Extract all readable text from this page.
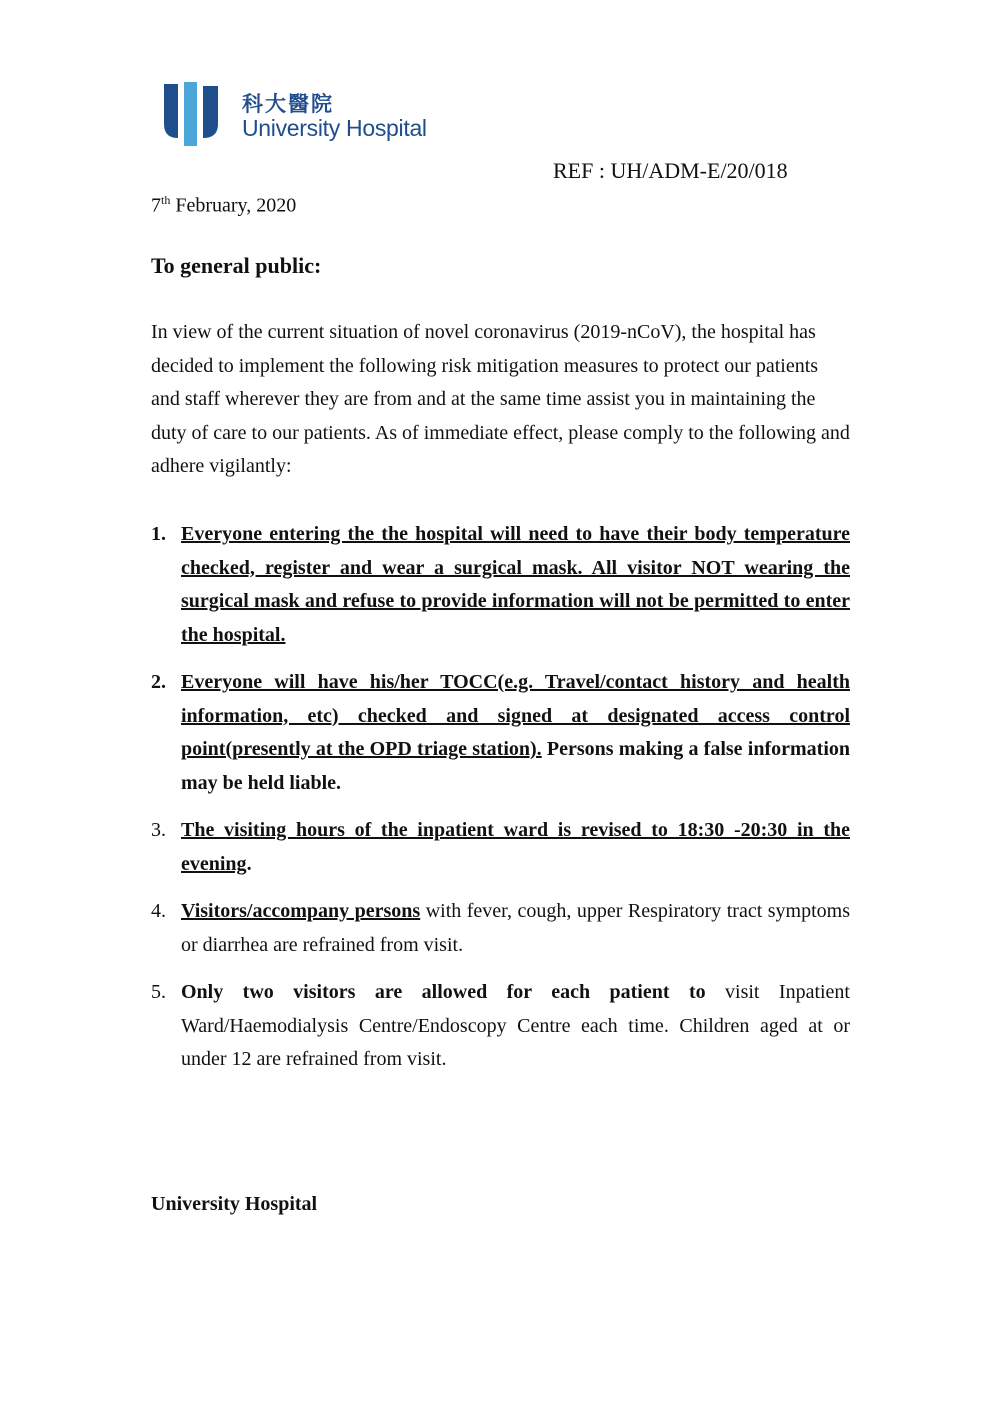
科大醫院
University Hospital
REF : UH/ADM-E/20/018
7th February, 2020
To general public:
In view of the current situation of novel coronavirus (2019-nCoV), the hospital has decided to implement the following risk mitigation measures to protect our patients and staff wherever they are from and at the same time assist you in maintaining the duty of care to our patients. As of immediate effect, please comply to the following and adhere vigilantly:
1. Everyone entering the the hospital will need to have their body temperature checked, register and wear a surgical mask. All visitor NOT wearing the surgical mask and refuse to provide information will not be permitted to enter the hospital.
2. Everyone will have his/her TOCC(e.g. Travel/contact history and health information, etc) checked and signed at designated access control point(presently at the OPD triage station). Persons making a false information may be held liable.
3. The visiting hours of the inpatient ward is revised to 18:30 -20:30 in the evening.
4. Visitors/accompany persons with fever, cough, upper Respiratory tract symptoms or diarrhea are refrained from visit.
5. Only two visitors are allowed for each patient to visit Inpatient Ward/Haemodialysis Centre/Endoscopy Centre each time. Children aged at or under 12 are refrained from visit.
University Hospital
